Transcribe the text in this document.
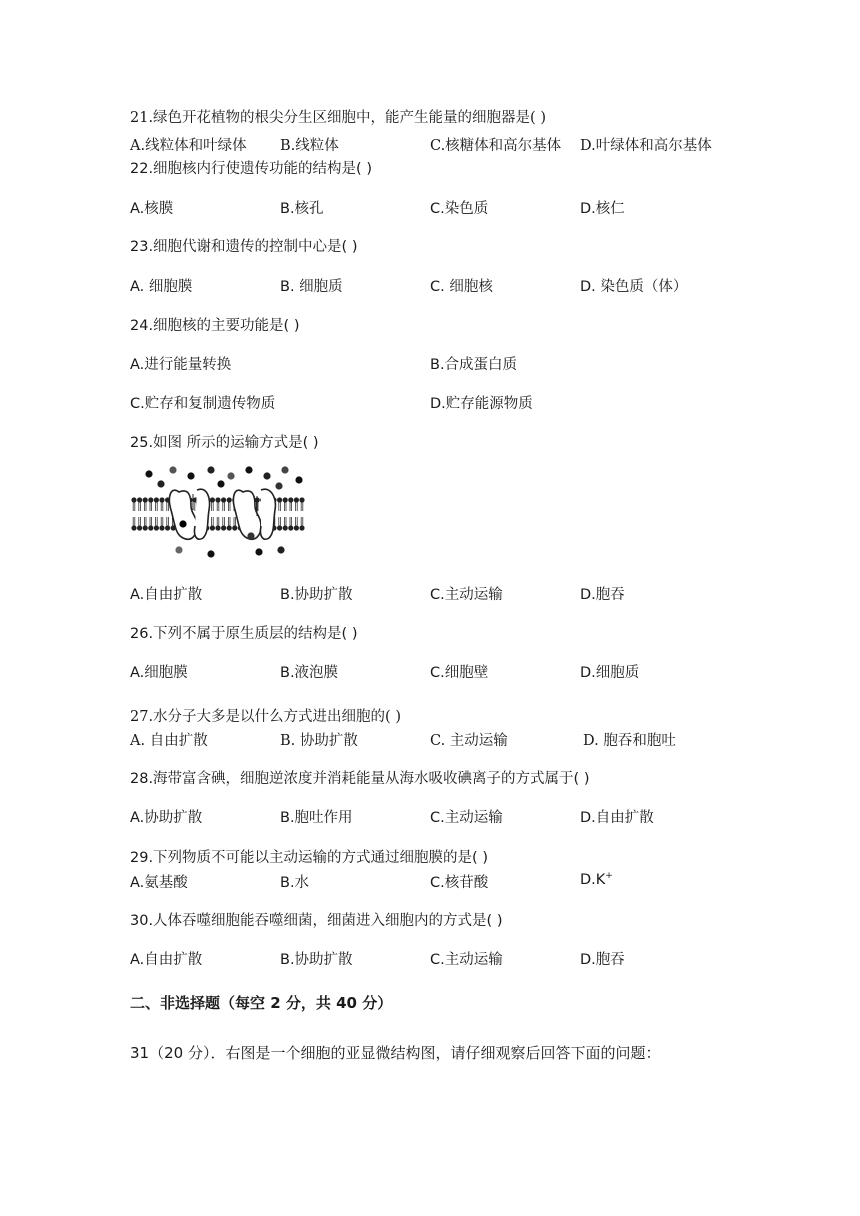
21.绿色开花植物的根尖分生区细胞中，能产生能量的细胞器是( )
A.线粒体和叶绿体 B.线粒体	C.核糖体和高尔基体 D.叶绿体和高尔基体
22.细胞核内行使遗传功能的结构是( )
A.核膜	B.核孔	C.染色质	D.核仁
23.细胞代谢和遗传的控制中心是( )
A. 细胞膜	B. 细胞质	C. 细胞核	D. 染色质（体）
24.细胞核的主要功能是( )
A.进行能量转换	B.合成蛋白质
C.贮存和复制遗传物质	D.贮存能源物质
25.如图 所示的运输方式是( )
A.自由扩散	B.协助扩散	C.主动运输	D.胞吞
26.下列不属于原生质层的结构是( )
A.细胞膜	B.液泡膜	C.细胞壁	D.细胞质
27.水分子大多是以什么方式进出细胞的( )
A. 自由扩散	B. 协助扩散	C. 主动运输	D. 胞吞和胞吐
28.海带富含碘，细胞逆浓度并消耗能量从海水吸收碘离子的方式属于( )
A.协助扩散	B.胞吐作用	C.主动运输	D.自由扩散
29.下列物质不可能以主动运输的方式通过细胞膜的是( )
A.氨基酸	B.水	C.核苷酸	D.K+
30.人体吞噬细胞能吞噬细菌，细菌进入细胞内的方式是( )
A.自由扩散	B.协助扩散	C.主动运输	D.胞吞
二、非选择题（每空 2 分，共 40 分）
31（20 分）．右图是一个细胞的亚显微结构图，请仔细观察后回答下面的问题：
